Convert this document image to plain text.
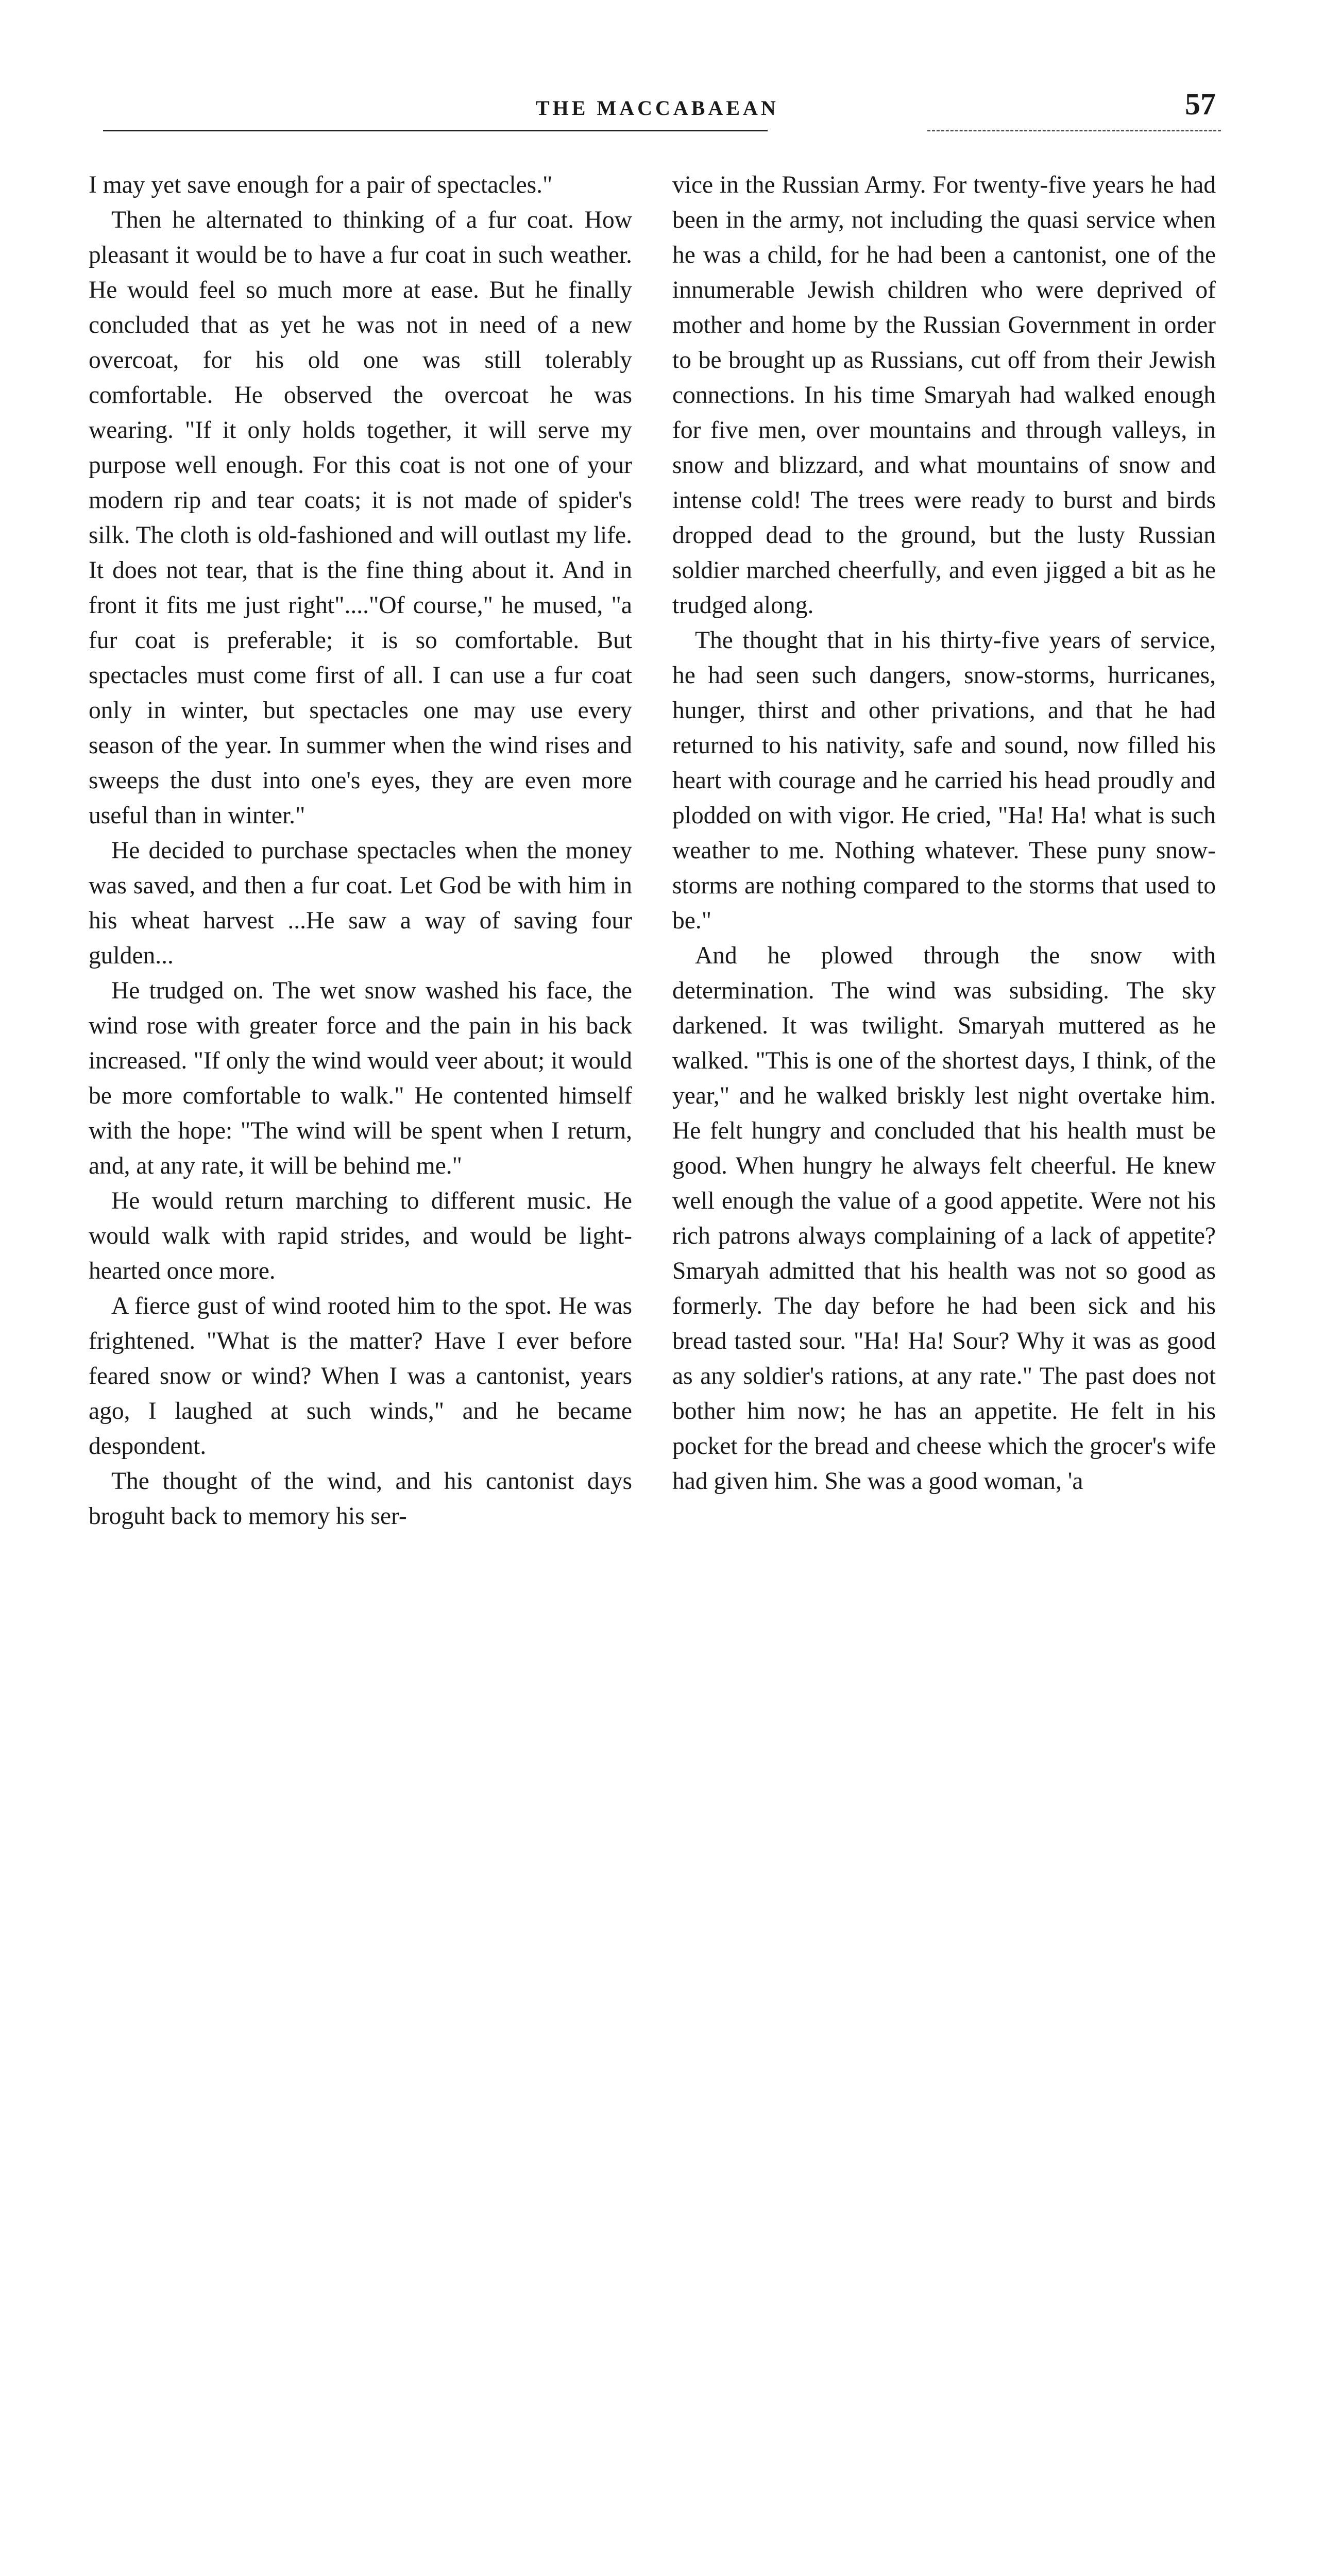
THE MACCABAEAN	57

I may yet save enough for a pair of spectacles."

Then he alternated to thinking of a fur coat. How pleasant it would be to have a fur coat in such weather. He would feel so much more at ease. But he finally concluded that as yet he was not in need of a new overcoat, for his old one was still tolerably comfortable. He observed the overcoat he was wearing. "If it only holds together, it will serve my purpose well enough. For this coat is not one of your modern rip and tear coats; it is not made of spider's silk. The cloth is old-fashioned and will outlast my life. It does not tear, that is the fine thing about it. And in front it fits me just right"...."Of course," he mused, "a fur coat is preferable; it is so comfortable. But spectacles must come first of all. I can use a fur coat only in winter, but spectacles one may use every season of the year. In summer when the wind rises and sweeps the dust into one's eyes, they are even more useful than in winter."

He decided to purchase spectacles when the money was saved, and then a fur coat. Let God be with him in his wheat harvest ...He saw a way of saving four gulden...

He trudged on. The wet snow washed his face, the wind rose with greater force and the pain in his back increased. "If only the wind would veer about; it would be more comfortable to walk." He contented himself with the hope: "The wind will be spent when I return, and, at any rate, it will be behind me."

He would return marching to different music. He would walk with rapid strides, and would be light-hearted once more.

A fierce gust of wind rooted him to the spot. He was frightened. "What is the matter? Have I ever before feared snow or wind? When I was a cantonist, years ago, I laughed at such winds," and he became despondent.

The thought of the wind, and his cantonist days broguht back to memory his ser-

vice in the Russian Army. For twenty-five years he had been in the army, not including the quasi service when he was a child, for he had been a cantonist, one of the innumerable Jewish children who were deprived of mother and home by the Russian Government in order to be brought up as Russians, cut off from their Jewish connections. In his time Smaryah had walked enough for five men, over mountains and through valleys, in snow and blizzard, and what mountains of snow and intense cold! The trees were ready to burst and birds dropped dead to the ground, but the lusty Russian soldier marched cheerfully, and even jigged a bit as he trudged along.

The thought that in his thirty-five years of service, he had seen such dangers, snow-storms, hurricanes, hunger, thirst and other privations, and that he had returned to his nativity, safe and sound, now filled his heart with courage and he carried his head proudly and plodded on with vigor. He cried, "Ha! Ha! what is such weather to me. Nothing whatever. These puny snow-storms are nothing compared to the storms that used to be."

And he plowed through the snow with determination. The wind was subsiding. The sky darkened. It was twilight. Smaryah muttered as he walked. "This is one of the shortest days, I think, of the year," and he walked briskly lest night overtake him. He felt hungry and concluded that his health must be good. When hungry he always felt cheerful. He knew well enough the value of a good appetite. Were not his rich patrons always complaining of a lack of appetite? Smaryah admitted that his health was not so good as formerly. The day before he had been sick and his bread tasted sour. "Ha! Ha! Sour? Why it was as good as any soldier's rations, at any rate." The past does not bother him now; he has an appetite. He felt in his pocket for the bread and cheese which the grocer's wife had given him. She was a good woman, 'a
